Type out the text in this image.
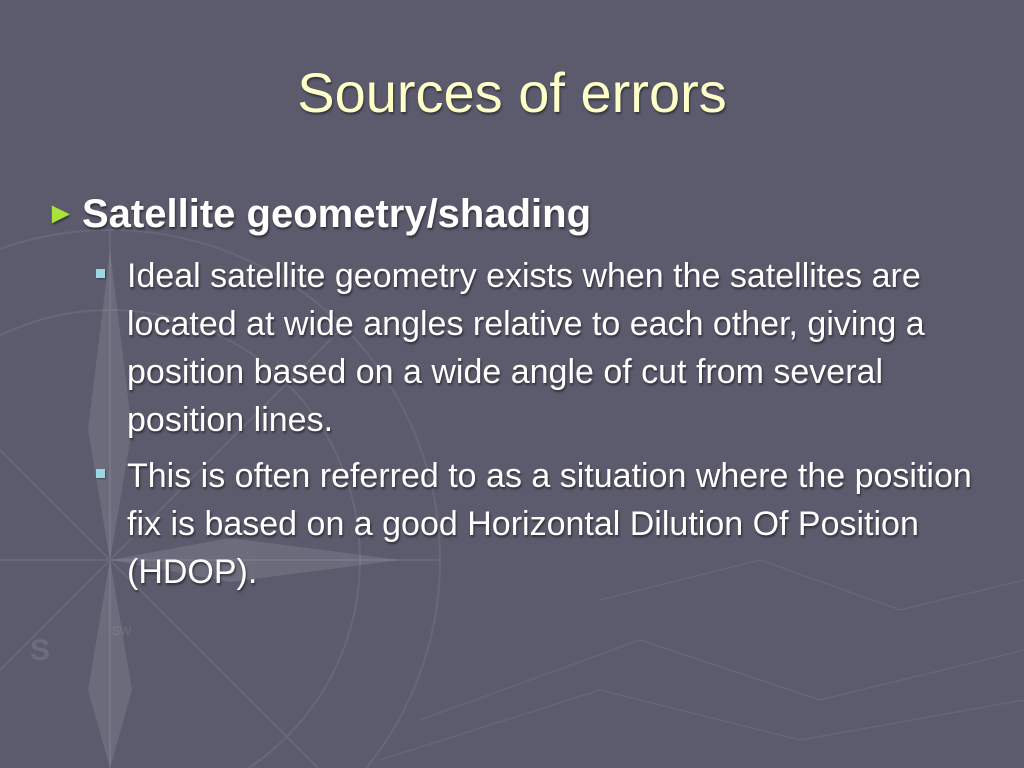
S
SW
Sources of errors
► Satellite geometry/shading
Ideal satellite geometry exists when the satellites are located at wide angles relative to each other, giving a position based on a wide angle of cut from several position lines.
This is often referred to as a situation where the position fix is based on a good Horizontal Dilution Of Position (HDOP).
